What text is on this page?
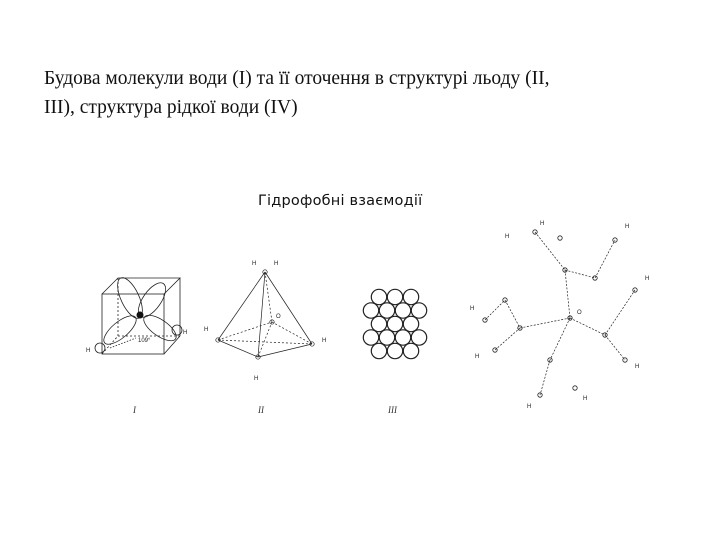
Будова молекули води (I) та її оточення в структурі льоду (II,
III), структура рідкої води (IV)
Гідрофобні взаємодії
H
H
109°
I
H	H
H
H
H
O
II	III
H
H	H
H
H
H
H
H
H
O
